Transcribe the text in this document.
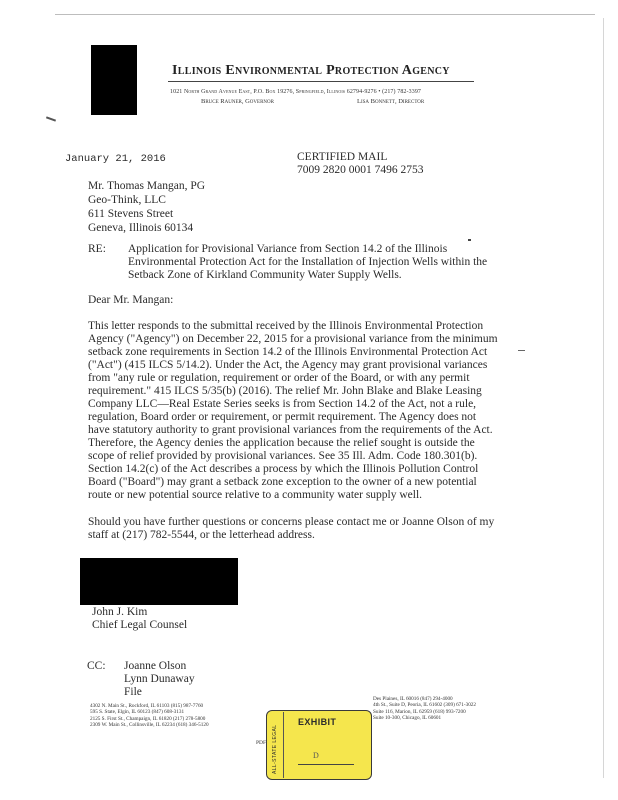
Illinois Environmental Protection Agency
1021 North Grand Avenue East, P.O. Box 19276, Springfield, Illinois 62794-9276 • (217) 782-3397
Bruce Rauner, Governor	Lisa Bonnett, Director
January 21, 2016	CERTIFIED MAIL
7009 2820 0001 7496 2753
Mr. Thomas Mangan, PG
Geo-Think, LLC
611 Stevens Street
Geneva, Illinois 60134
RE: Application for Provisional Variance from Section 14.2 of the Illinois
Environmental Protection Act for the Installation of Injection Wells within the
Setback Zone of Kirkland Community Water Supply Wells.
Dear Mr. Mangan:
This letter responds to the submittal received by the Illinois Environmental Protection
Agency ("Agency") on December 22, 2015 for a provisional variance from the minimum
setback zone requirements in Section 14.2 of the Illinois Environmental Protection Act
("Act") (415 ILCS 5/14.2). Under the Act, the Agency may grant provisional variances
from "any rule or regulation, requirement or order of the Board, or with any permit
requirement." 415 ILCS 5/35(b) (2016). The relief Mr. John Blake and Blake Leasing
Company LLC—Real Estate Series seeks is from Section 14.2 of the Act, not a rule,
regulation, Board order or requirement, or permit requirement. The Agency does not
have statutory authority to grant provisional variances from the requirements of the Act.
Therefore, the Agency denies the application because the relief sought is outside the
scope of relief provided by provisional variances. See 35 Ill. Adm. Code 180.301(b).
Section 14.2(c) of the Act describes a process by which the Illinois Pollution Control
Board ("Board") may grant a setback zone exception to the owner of a new potential
route or new potential source relative to a community water supply well.
Should you have further questions or concerns please contact me or Joanne Olson of my
staff at (217) 782-5544, or the letterhead address.
John J. Kim
Chief Legal Counsel
CC: Joanne Olson
Lynn Dunaway
File
4302 N. Main St., Rockford, IL 61103 (815) 987-7760
595 S. State, Elgin, IL 60123 (847) 608-3131
2125 S. First St., Champaign, IL 61820 (217) 278-5800
2309 W. Main St., Collinsville, IL 62234 (618) 346-5120
Des Plaines, IL 60016 (847) 294-4000
4th St., Suite D, Peoria, IL 61602 (309) 671-3022
Suite 116, Marion, IL 62959 (618) 993-7200
Suite 10-300, Chicago, IL 60601
PDF ALL-STATE LEGAL
EXHIBIT
D
